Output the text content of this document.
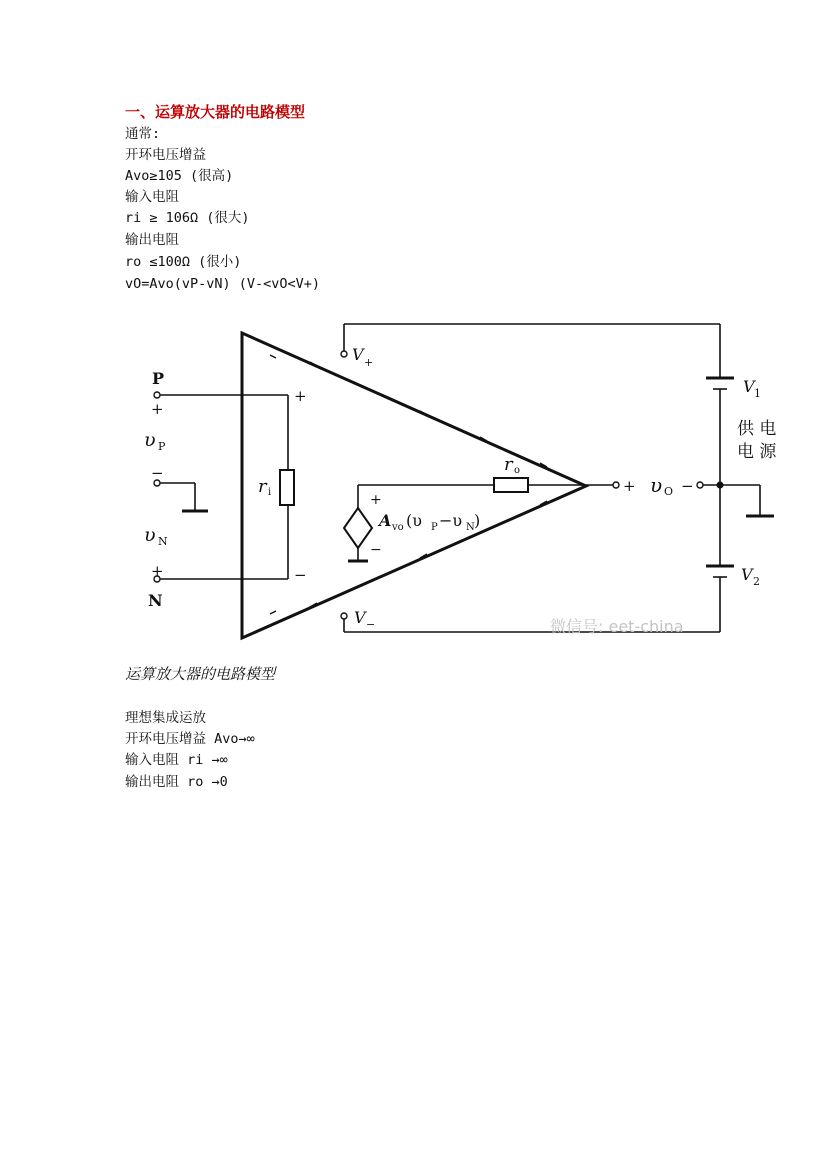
一、运算放大器的电路模型
通常:
开环电压增益
Avo≥105 (很高)
输入电阻
ri ≥ 106Ω (很大)
输出电阻
ro ≤100Ω (很小)
vO=Avo(vP-vN) (V-<vO<V+)
P
+
υ P
−
υ N
+
N
+
−
r i
r o
+
−
A vo (υ P −υ N )
V +
V −
+ υ O −
V 1
V 2
供 电
电 源
微信号: eet-china
运算放大器的电路模型
理想集成运放
开环电压增益 Avo→∞
输入电阻 ri →∞
输出电阻 ro →0
